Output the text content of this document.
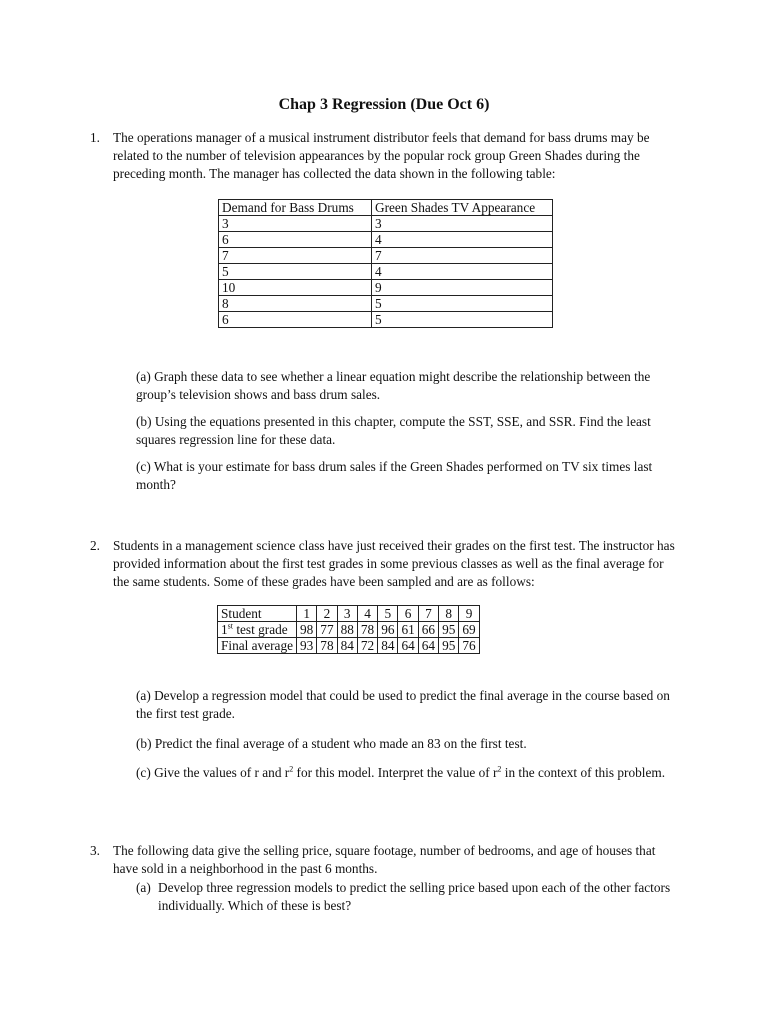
Chap 3 Regression (Due Oct 6)
1. The operations manager of a musical instrument distributor feels that demand for bass drums may be related to the number of television appearances by the popular rock group Green Shades during the preceding month. The manager has collected the data shown in the following table:
Demand for Bass Drums	Green Shades TV Appearance
3	3
6	4
7	7
5	4
10	9
8	5
6	5
(a) Graph these data to see whether a linear equation might describe the relationship between the group’s television shows and bass drum sales.
(b) Using the equations presented in this chapter, compute the SST, SSE, and SSR. Find the least squares regression line for these data.
(c) What is your estimate for bass drum sales if the Green Shades performed on TV six times last month?
2. Students in a management science class have just received their grades on the first test. The instructor has provided information about the first test grades in some previous classes as well as the final average for the same students. Some of these grades have been sampled and are as follows:
Student	1	2	3	4	5	6	7	8	9
1st test grade	98	77	88	78	96	61	66	95	69
Final average	93	78	84	72	84	64	64	95	76
(a) Develop a regression model that could be used to predict the final average in the course based on the first test grade.
(b) Predict the final average of a student who made an 83 on the first test.
(c) Give the values of r and $r^2$ for this model. Interpret the value of $r^2$ in the context of this problem.
3. The following data give the selling price, square footage, number of bedrooms, and age of houses that have sold in a neighborhood in the past 6 months.
(a) Develop three regression models to predict the selling price based upon each of the other factors individually. Which of these is best?
